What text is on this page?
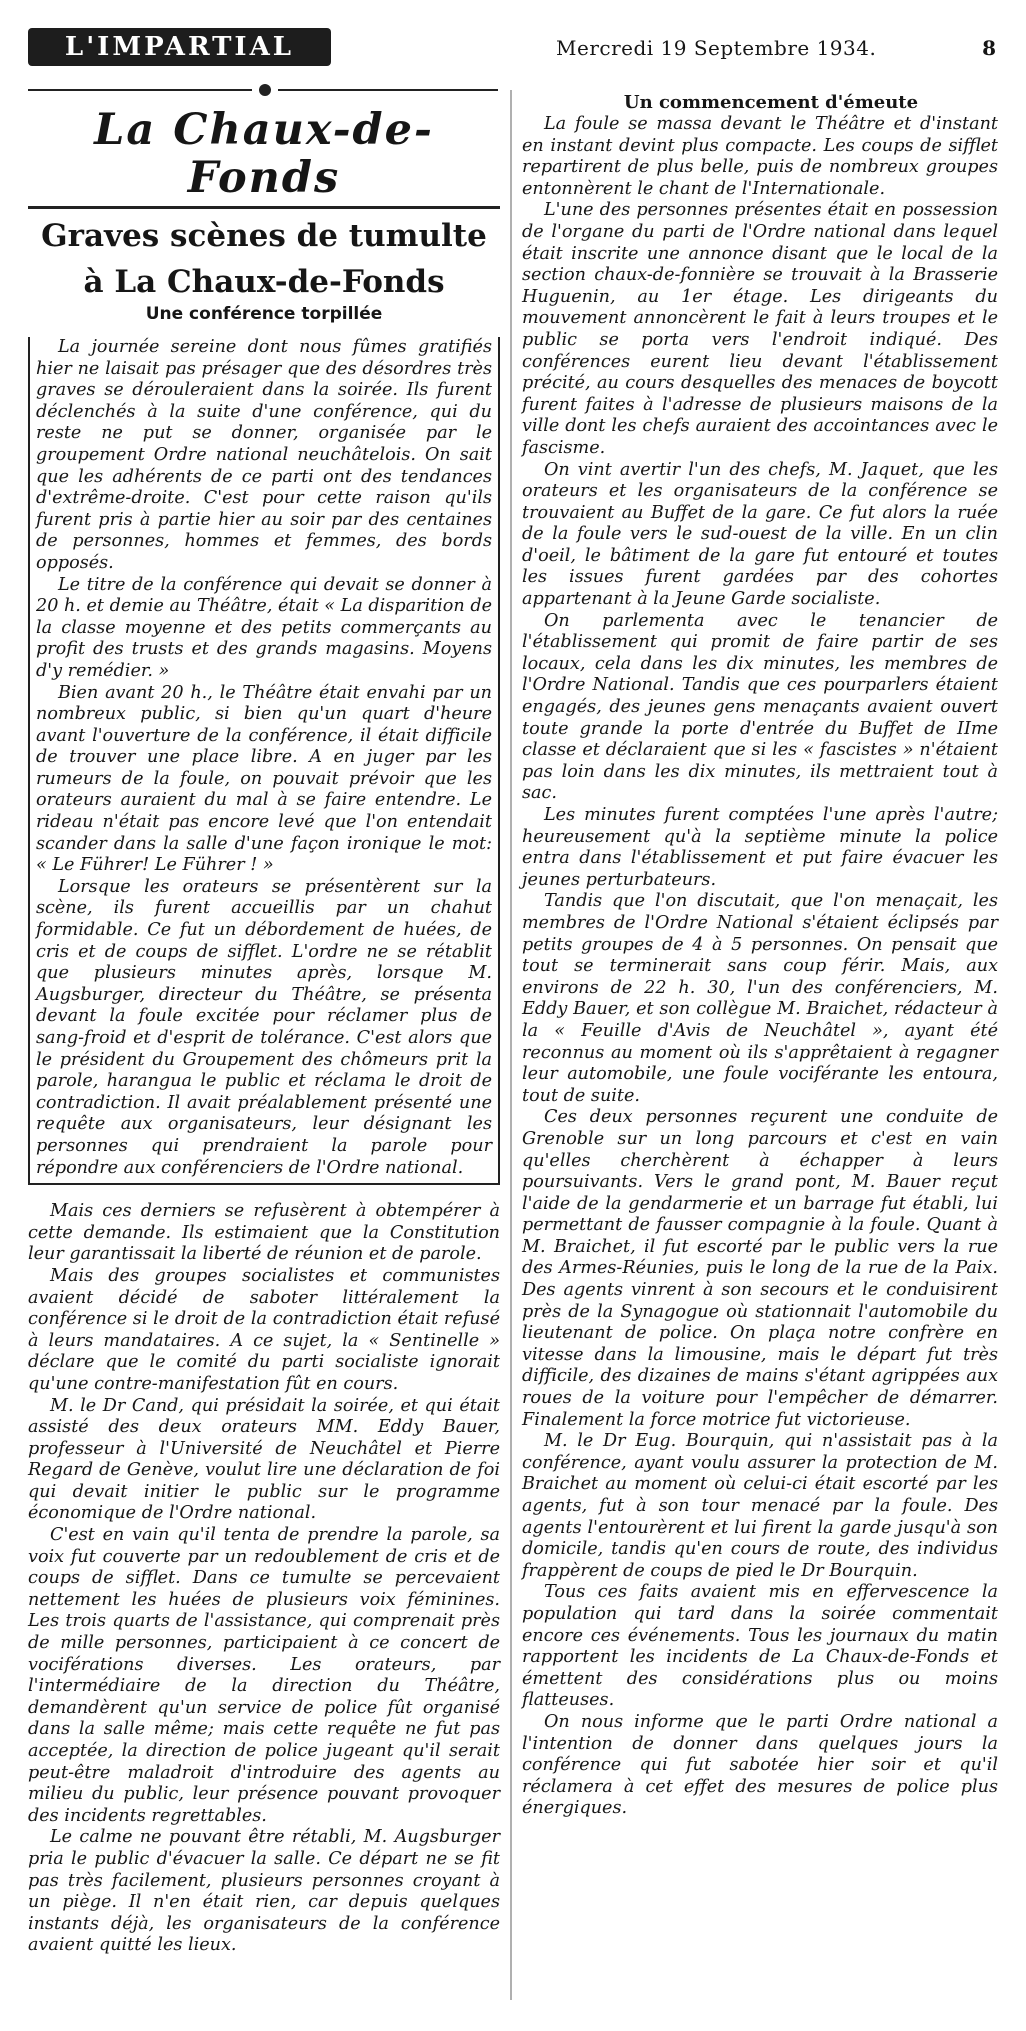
L'IMPARTIAL	Mercredi 19 Septembre 1934.	8
La Chaux-de-Fonds
Graves scènes de tumulte
à La Chaux-de-Fonds
Une conférence torpillée

La journée sereine dont nous fûmes gratifiés hier ne laisait pas présager que des désordres très graves se dérouleraient dans la soirée. Ils furent déclenchés à la suite d'une conférence, qui du reste ne put se donner, organisée par le groupement Ordre national neuchâtelois. On sait que les adhérents de ce parti ont des tendances d'extrême-droite. C'est pour cette raison qu'ils furent pris à partie hier au soir par des centaines de personnes, hommes et femmes, des bords opposés.

Le titre de la conférence qui devait se donner à 20 h. et demie au Théâtre, était « La disparition de la classe moyenne et des petits commerçants au profit des trusts et des grands magasins. Moyens d'y remédier. »

Bien avant 20 h., le Théâtre était envahi par un nombreux public, si bien qu'un quart d'heure avant l'ouverture de la conférence, il était difficile de trouver une place libre. A en juger par les rumeurs de la foule, on pouvait prévoir que les orateurs auraient du mal à se faire entendre. Le rideau n'était pas encore levé que l'on entendait scander dans la salle d'une façon ironique le mot: « Le Führer! Le Führer ! »

Lorsque les orateurs se présentèrent sur la scène, ils furent accueillis par un chahut formidable. Ce fut un débordement de huées, de cris et de coups de sifflet. L'ordre ne se rétablit que plusieurs minutes après, lorsque M. Augsburger, directeur du Théâtre, se présenta devant la foule excitée pour réclamer plus de sang-froid et d'esprit de tolérance. C'est alors que le président du Groupement des chômeurs prit la parole, harangua le public et réclama le droit de contradiction. Il avait préalablement présenté une requête aux organisateurs, leur désignant les personnes qui prendraient la parole pour répondre aux conférenciers de l'Ordre national.

Mais ces derniers se refusèrent à obtempérer à cette demande. Ils estimaient que la Constitution leur garantissait la liberté de réunion et de parole.

Mais des groupes socialistes et communistes avaient décidé de saboter littéralement la conférence si le droit de la contradiction était refusé à leurs mandataires. A ce sujet, la « Sentinelle » déclare que le comité du parti socialiste ignorait qu'une contre-manifestation fût en cours.

M. le Dr Cand, qui présidait la soirée, et qui était assisté des deux orateurs MM. Eddy Bauer, professeur à l'Université de Neuchâtel et Pierre Regard de Genève, voulut lire une déclaration de foi qui devait initier le public sur le programme économique de l'Ordre national.

C'est en vain qu'il tenta de prendre la parole, sa voix fut couverte par un redoublement de cris et de coups de sifflet. Dans ce tumulte se percevaient nettement les huées de plusieurs voix féminines. Les trois quarts de l'assistance, qui comprenait près de mille personnes, participaient à ce concert de vociférations diverses. Les orateurs, par l'intermédiaire de la direction du Théâtre, demandèrent qu'un service de police fût organisé dans la salle même; mais cette requête ne fut pas acceptée, la direction de police jugeant qu'il serait peut-être maladroit d'introduire des agents au milieu du public, leur présence pouvant provoquer des incidents regrettables.

Le calme ne pouvant être rétabli, M. Augsburger pria le public d'évacuer la salle. Ce départ ne se fit pas très facilement, plusieurs personnes croyant à un piège. Il n'en était rien, car depuis quelques instants déjà, les organisateurs de la conférence avaient quitté les lieux.

Un commencement d'émeute

La foule se massa devant le Théâtre et d'instant en instant devint plus compacte. Les coups de sifflet repartirent de plus belle, puis de nombreux groupes entonnèrent le chant de l'Internationale.

L'une des personnes présentes était en possession de l'organe du parti de l'Ordre national dans lequel était inscrite une annonce disant que le local de la section chaux-de-fonnière se trouvait à la Brasserie Huguenin, au 1er étage. Les dirigeants du mouvement annoncèrent le fait à leurs troupes et le public se porta vers l'endroit indiqué. Des conférences eurent lieu devant l'établissement précité, au cours desquelles des menaces de boycott furent faites à l'adresse de plusieurs maisons de la ville dont les chefs auraient des accointances avec le fascisme.

On vint avertir l'un des chefs, M. Jaquet, que les orateurs et les organisateurs de la conférence se trouvaient au Buffet de la gare. Ce fut alors la ruée de la foule vers le sud-ouest de la ville. En un clin d'oeil, le bâtiment de la gare fut entouré et toutes les issues furent gardées par des cohortes appartenant à la Jeune Garde socialiste.

On parlementa avec le tenancier de l'établissement qui promit de faire partir de ses locaux, cela dans les dix minutes, les membres de l'Ordre National. Tandis que ces pourparlers étaient engagés, des jeunes gens menaçants avaient ouvert toute grande la porte d'entrée du Buffet de IIme classe et déclaraient que si les « fascistes » n'étaient pas loin dans les dix minutes, ils mettraient tout à sac.

Les minutes furent comptées l'une après l'autre; heureusement qu'à la septième minute la police entra dans l'établissement et put faire évacuer les jeunes perturbateurs.

Tandis que l'on discutait, que l'on menaçait, les membres de l'Ordre National s'étaient éclipsés par petits groupes de 4 à 5 personnes. On pensait que tout se terminerait sans coup férir. Mais, aux environs de 22 h. 30, l'un des conférenciers, M. Eddy Bauer, et son collègue M. Braichet, rédacteur à la « Feuille d'Avis de Neuchâtel », ayant été reconnus au moment où ils s'apprêtaient à regagner leur automobile, une foule vociférante les entoura, tout de suite.

Ces deux personnes reçurent une conduite de Grenoble sur un long parcours et c'est en vain qu'elles cherchèrent à échapper à leurs poursuivants. Vers le grand pont, M. Bauer reçut l'aide de la gendarmerie et un barrage fut établi, lui permettant de fausser compagnie à la foule. Quant à M. Braichet, il fut escorté par le public vers la rue des Armes-Réunies, puis le long de la rue de la Paix. Des agents vinrent à son secours et le conduisirent près de la Synagogue où stationnait l'automobile du lieutenant de police. On plaça notre confrère en vitesse dans la limousine, mais le départ fut très difficile, des dizaines de mains s'étant agrippées aux roues de la voiture pour l'empêcher de démarrer. Finalement la force motrice fut victorieuse.

M. le Dr Eug. Bourquin, qui n'assistait pas à la conférence, ayant voulu assurer la protection de M. Braichet au moment où celui-ci était escorté par les agents, fut à son tour menacé par la foule. Des agents l'entourèrent et lui firent la garde jusqu'à son domicile, tandis qu'en cours de route, des individus frappèrent de coups de pied le Dr Bourquin.

Tous ces faits avaient mis en effervescence la population qui tard dans la soirée commentait encore ces événements. Tous les journaux du matin rapportent les incidents de La Chaux-de-Fonds et émettent des considérations plus ou moins flatteuses.

On nous informe que le parti Ordre national a l'intention de donner dans quelques jours la conférence qui fut sabotée hier soir et qu'il réclamera à cet effet des mesures de police plus énergiques.
